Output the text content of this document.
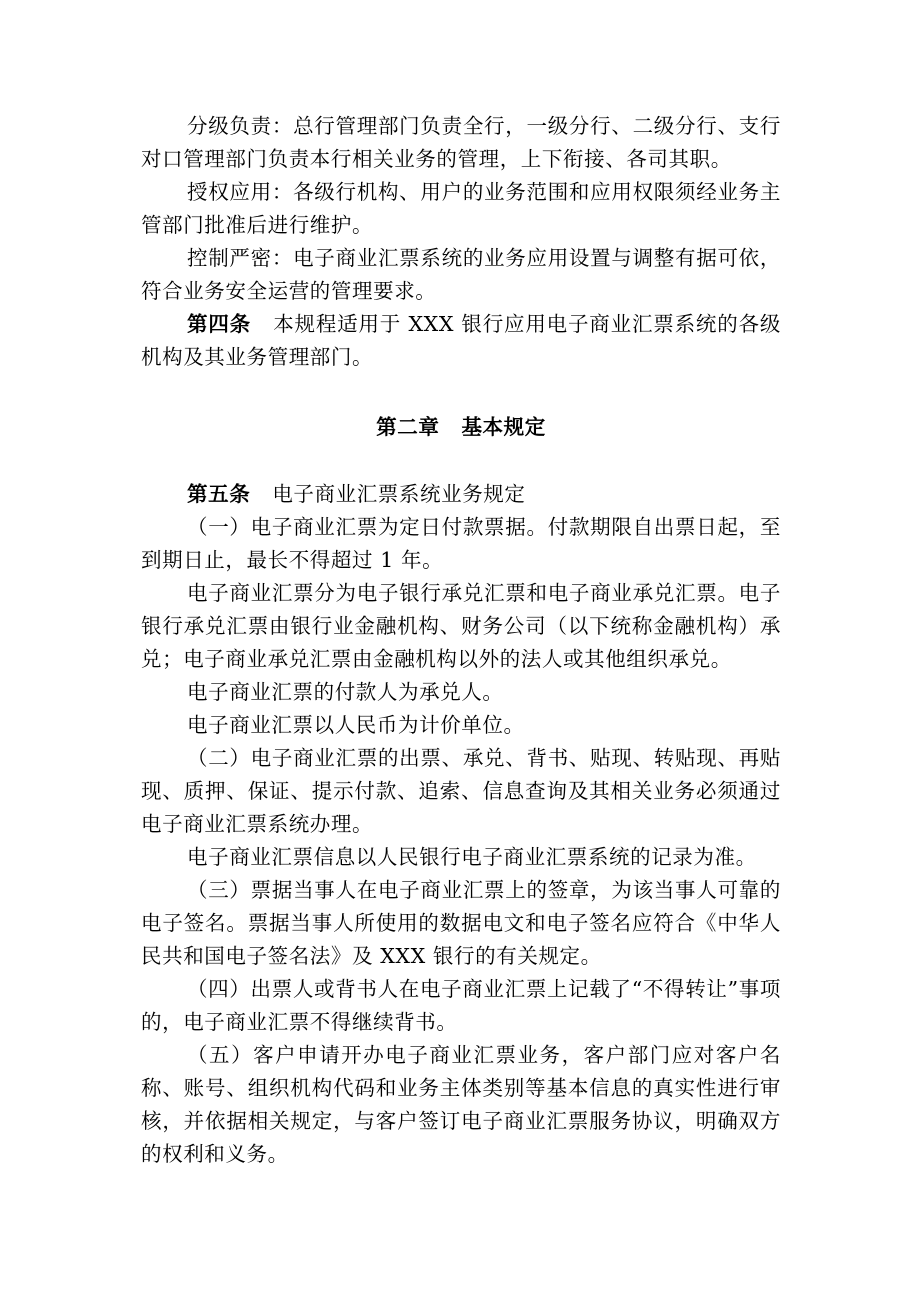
分级负责：总行管理部门负责全行，一级分行、二级分行、支行对口管理部门负责本行相关业务的管理，上下衔接、各司其职。

授权应用：各级行机构、用户的业务范围和应用权限须经业务主管部门批准后进行维护。

控制严密：电子商业汇票系统的业务应用设置与调整有据可依，符合业务安全运营的管理要求。

第四条 本规程适用于 XXX 银行应用电子商业汇票系统的各级机构及其业务管理部门。

第二章 基本规定

第五条 电子商业汇票系统业务规定

（一）电子商业汇票为定日付款票据。付款期限自出票日起，至到期日止，最长不得超过 1 年。

电子商业汇票分为电子银行承兑汇票和电子商业承兑汇票。电子银行承兑汇票由银行业金融机构、财务公司（以下统称金融机构）承兑；电子商业承兑汇票由金融机构以外的法人或其他组织承兑。

电子商业汇票的付款人为承兑人。

电子商业汇票以人民币为计价单位。

（二）电子商业汇票的出票、承兑、背书、贴现、转贴现、再贴现、质押、保证、提示付款、追索、信息查询及其相关业务必须通过电子商业汇票系统办理。

电子商业汇票信息以人民银行电子商业汇票系统的记录为准。

（三）票据当事人在电子商业汇票上的签章，为该当事人可靠的电子签名。票据当事人所使用的数据电文和电子签名应符合《中华人民共和国电子签名法》及 XXX 银行的有关规定。

（四）出票人或背书人在电子商业汇票上记载了“不得转让”事项的，电子商业汇票不得继续背书。

（五）客户申请开办电子商业汇票业务，客户部门应对客户名称、账号、组织机构代码和业务主体类别等基本信息的真实性进行审核，并依据相关规定，与客户签订电子商业汇票服务协议，明确双方的权利和义务。
